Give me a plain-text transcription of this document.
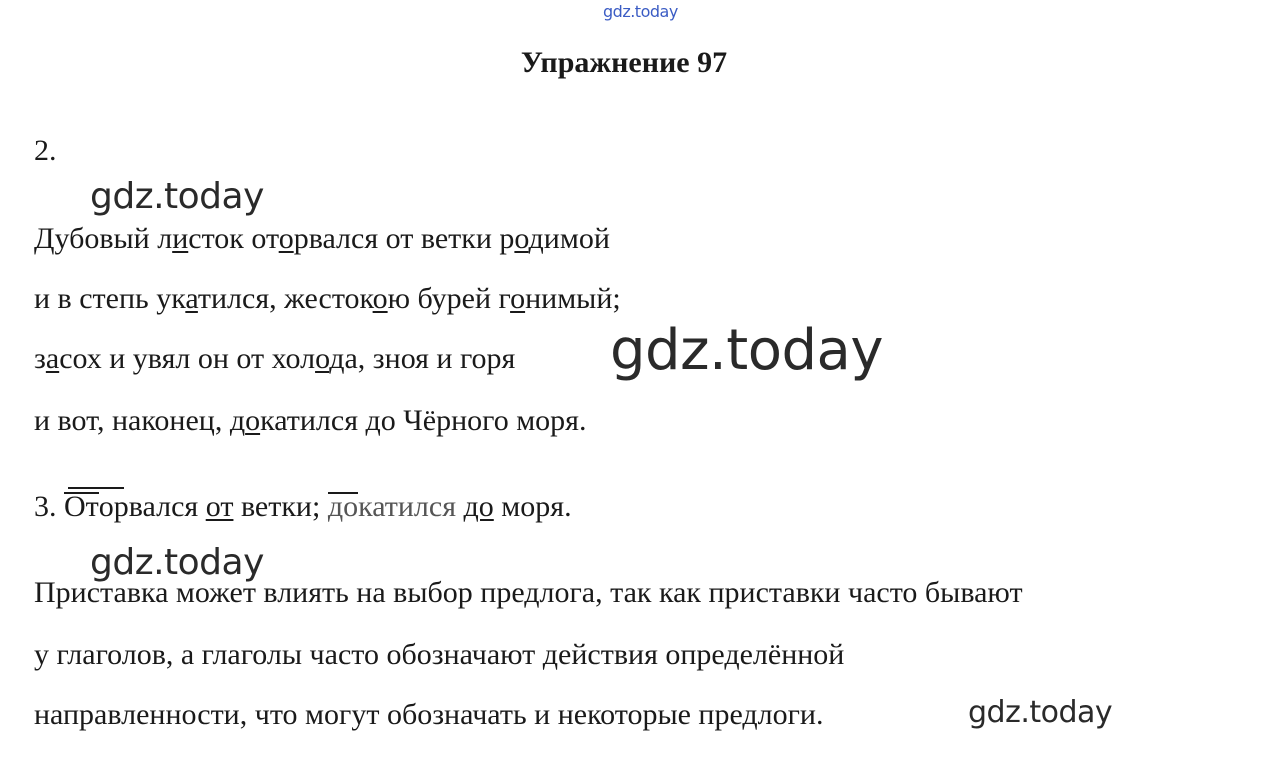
gdz.today
Упражнение 97
2.
gdz.today
Дубовый листок оторвался от ветки родимой
и в степь укатился, жестокою бурей гонимый;
засох и увял он от холода, зноя и горя gdz.today
и вот, наконец, докатился до Чёрного моря.
3. Оторвался от ветки; докатился до моря.
gdz.today
Приставка может влиять на выбор предлога, так как приставки часто бывают
у глаголов, а глаголы часто обозначают действия определённой
направленности, что могут обозначать и некоторые предлоги.	gdz.today
